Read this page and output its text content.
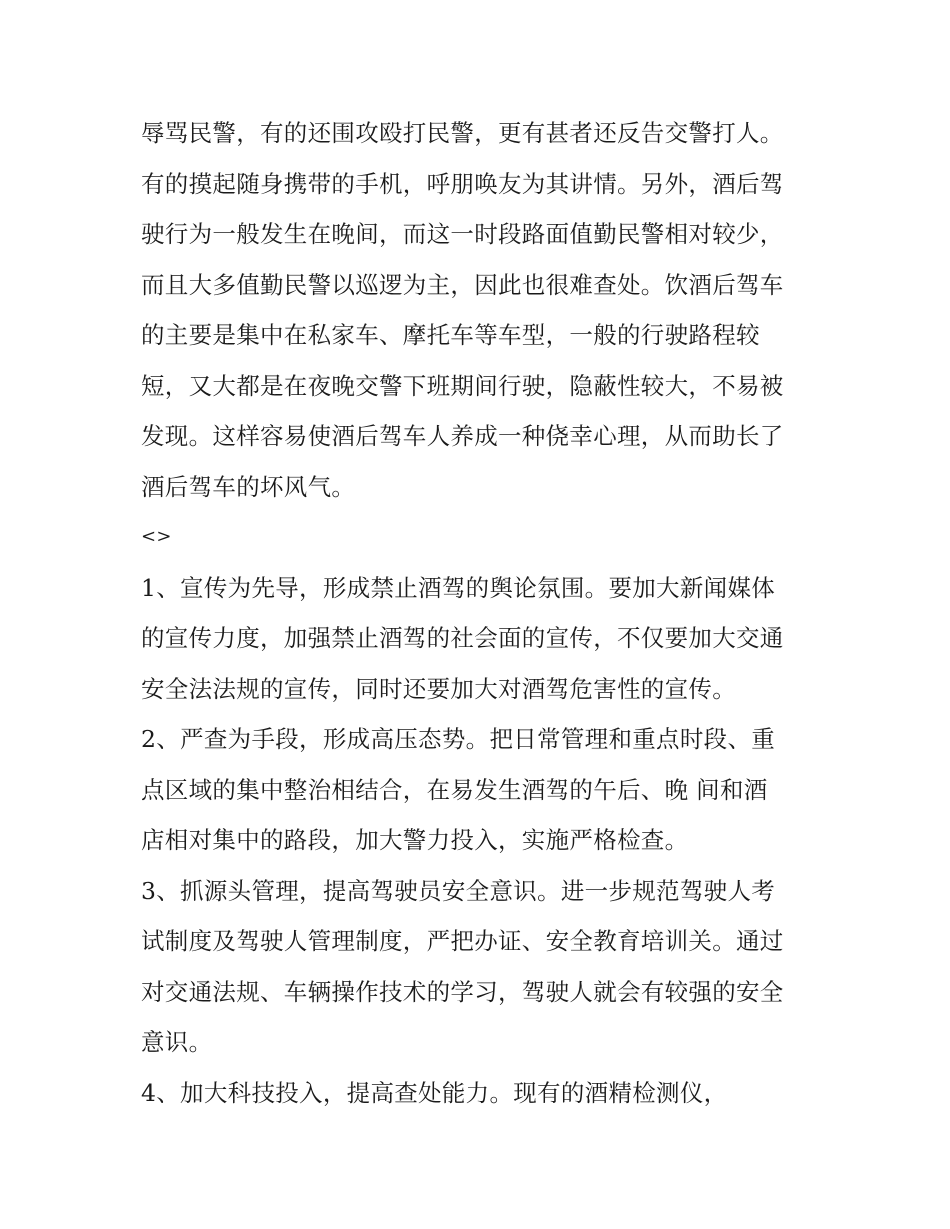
辱骂民警，有的还围攻殴打民警，更有甚者还反告交警打人。
有的摸起随身携带的手机，呼朋唤友为其讲情。另外，酒后驾
驶行为一般发生在晚间，而这一时段路面值勤民警相对较少，
而且大多值勤民警以巡逻为主，因此也很难查处。饮酒后驾车
的主要是集中在私家车、摩托车等车型，一般的行驶路程较
短，又大都是在夜晚交警下班期间行驶，隐蔽性较大，不易被
发现。这样容易使酒后驾车人养成一种侥幸心理，从而助长了
酒后驾车的坏风气。
<>
1、宣传为先导，形成禁止酒驾的舆论氛围。要加大新闻媒体
的宣传力度，加强禁止酒驾的社会面的宣传，不仅要加大交通
安全法法规的宣传，同时还要加大对酒驾危害性的宣传。
2、严查为手段，形成高压态势。把日常管理和重点时段、重
点区域的集中整治相结合，在易发生酒驾的午后、晚 间和酒
店相对集中的路段，加大警力投入，实施严格检查。
3、抓源头管理，提高驾驶员安全意识。进一步规范驾驶人考
试制度及驾驶人管理制度，严把办证、安全教育培训关。通过
对交通法规、车辆操作技术的学习，驾驶人就会有较强的安全
意识。
4、加大科技投入，提高查处能力。现有的酒精检测仪，
